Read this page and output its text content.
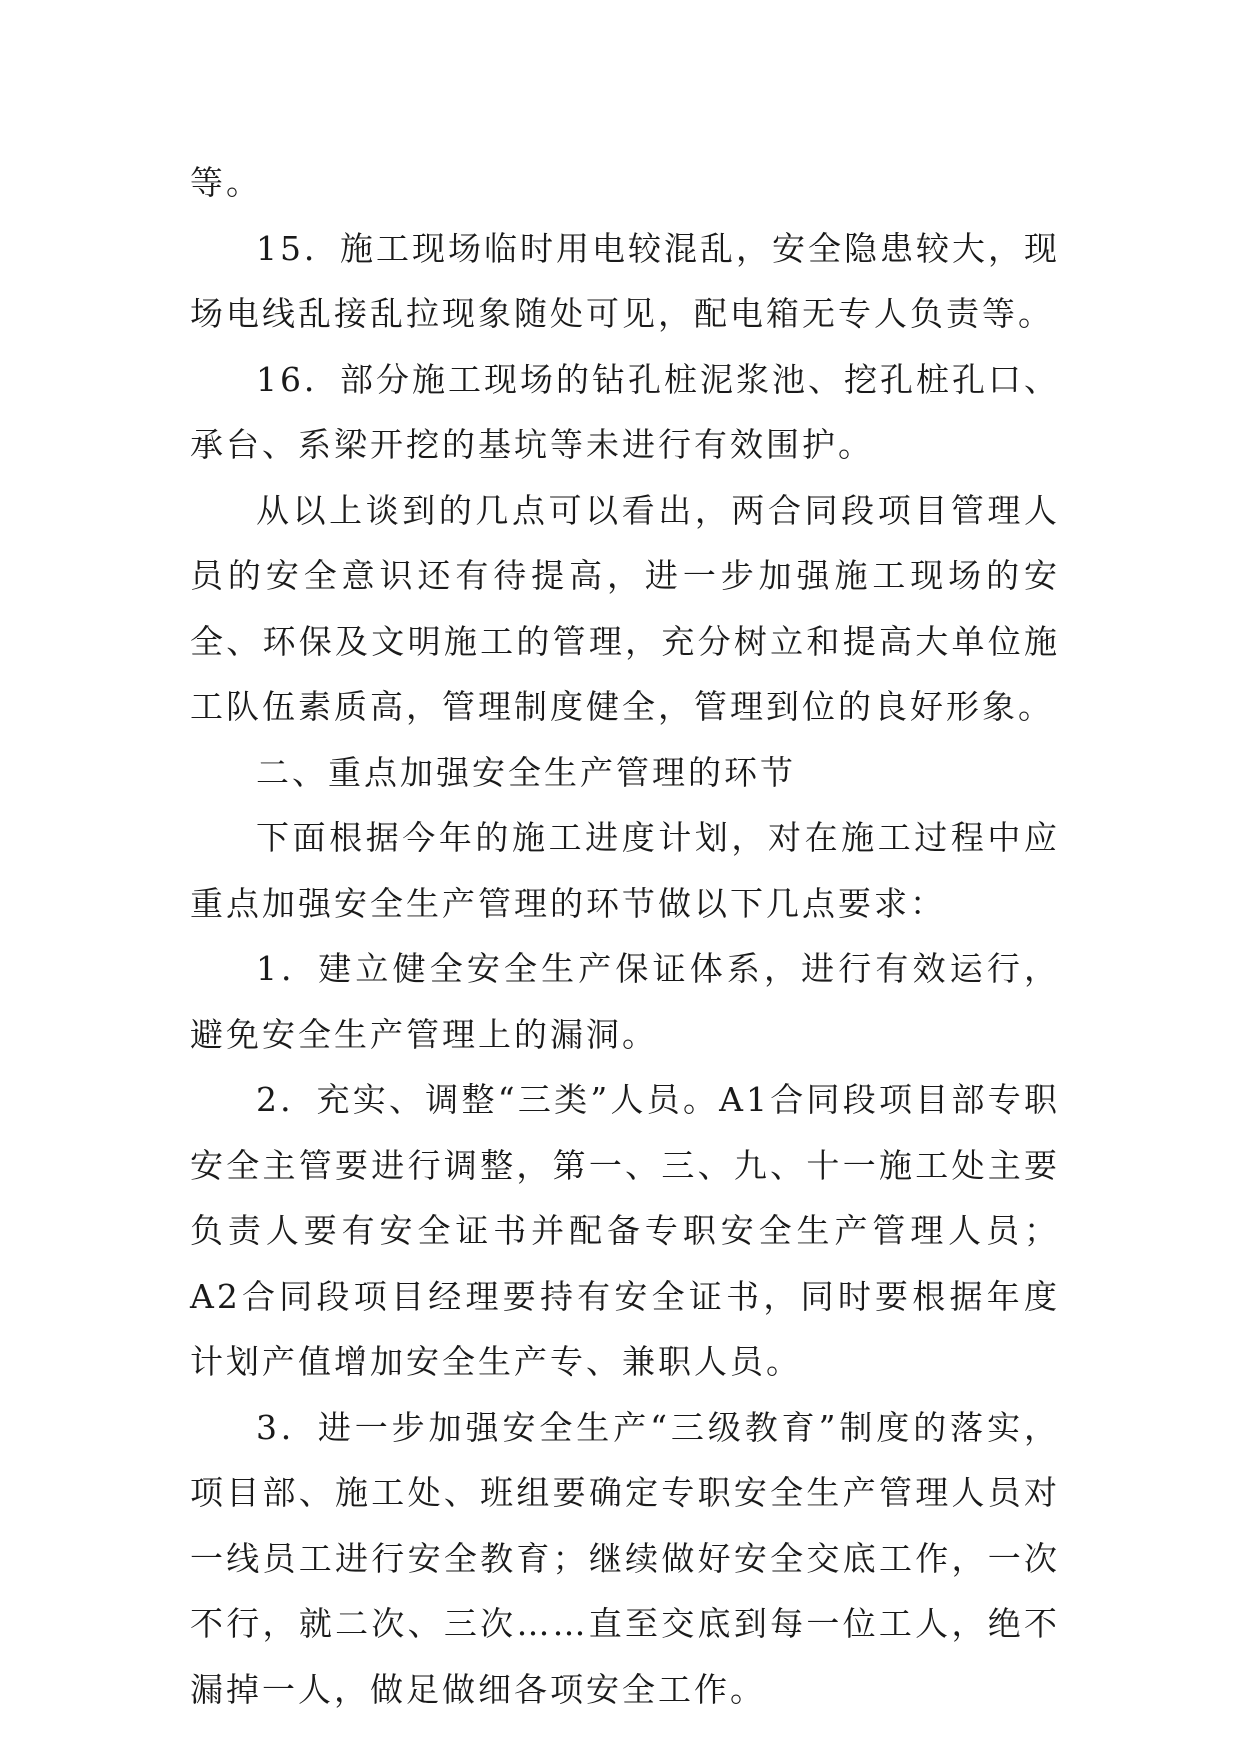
等。

15．施工现场临时用电较混乱，安全隐患较大，现场电线乱接乱拉现象随处可见，配电箱无专人负责等。

16．部分施工现场的钻孔桩泥浆池、挖孔桩孔口、承台、系梁开挖的基坑等未进行有效围护。

从以上谈到的几点可以看出，两合同段项目管理人员的安全意识还有待提高，进一步加强施工现场的安全、环保及文明施工的管理，充分树立和提高大单位施工队伍素质高，管理制度健全，管理到位的良好形象。

二、重点加强安全生产管理的环节

下面根据今年的施工进度计划，对在施工过程中应重点加强安全生产管理的环节做以下几点要求：

1．建立健全安全生产保证体系，进行有效运行，避免安全生产管理上的漏洞。

2．充实、调整“三类”人员。A1合同段项目部专职安全主管要进行调整，第一、三、九、十一施工处主要负责人要有安全证书并配备专职安全生产管理人员；A2合同段项目经理要持有安全证书，同时要根据年度计划产值增加安全生产专、兼职人员。

3．进一步加强安全生产“三级教育”制度的落实，项目部、施工处、班组要确定专职安全生产管理人员对一线员工进行安全教育；继续做好安全交底工作，一次不行，就二次、三次……直至交底到每一位工人，绝不漏掉一人，做足做细各项安全工作。
